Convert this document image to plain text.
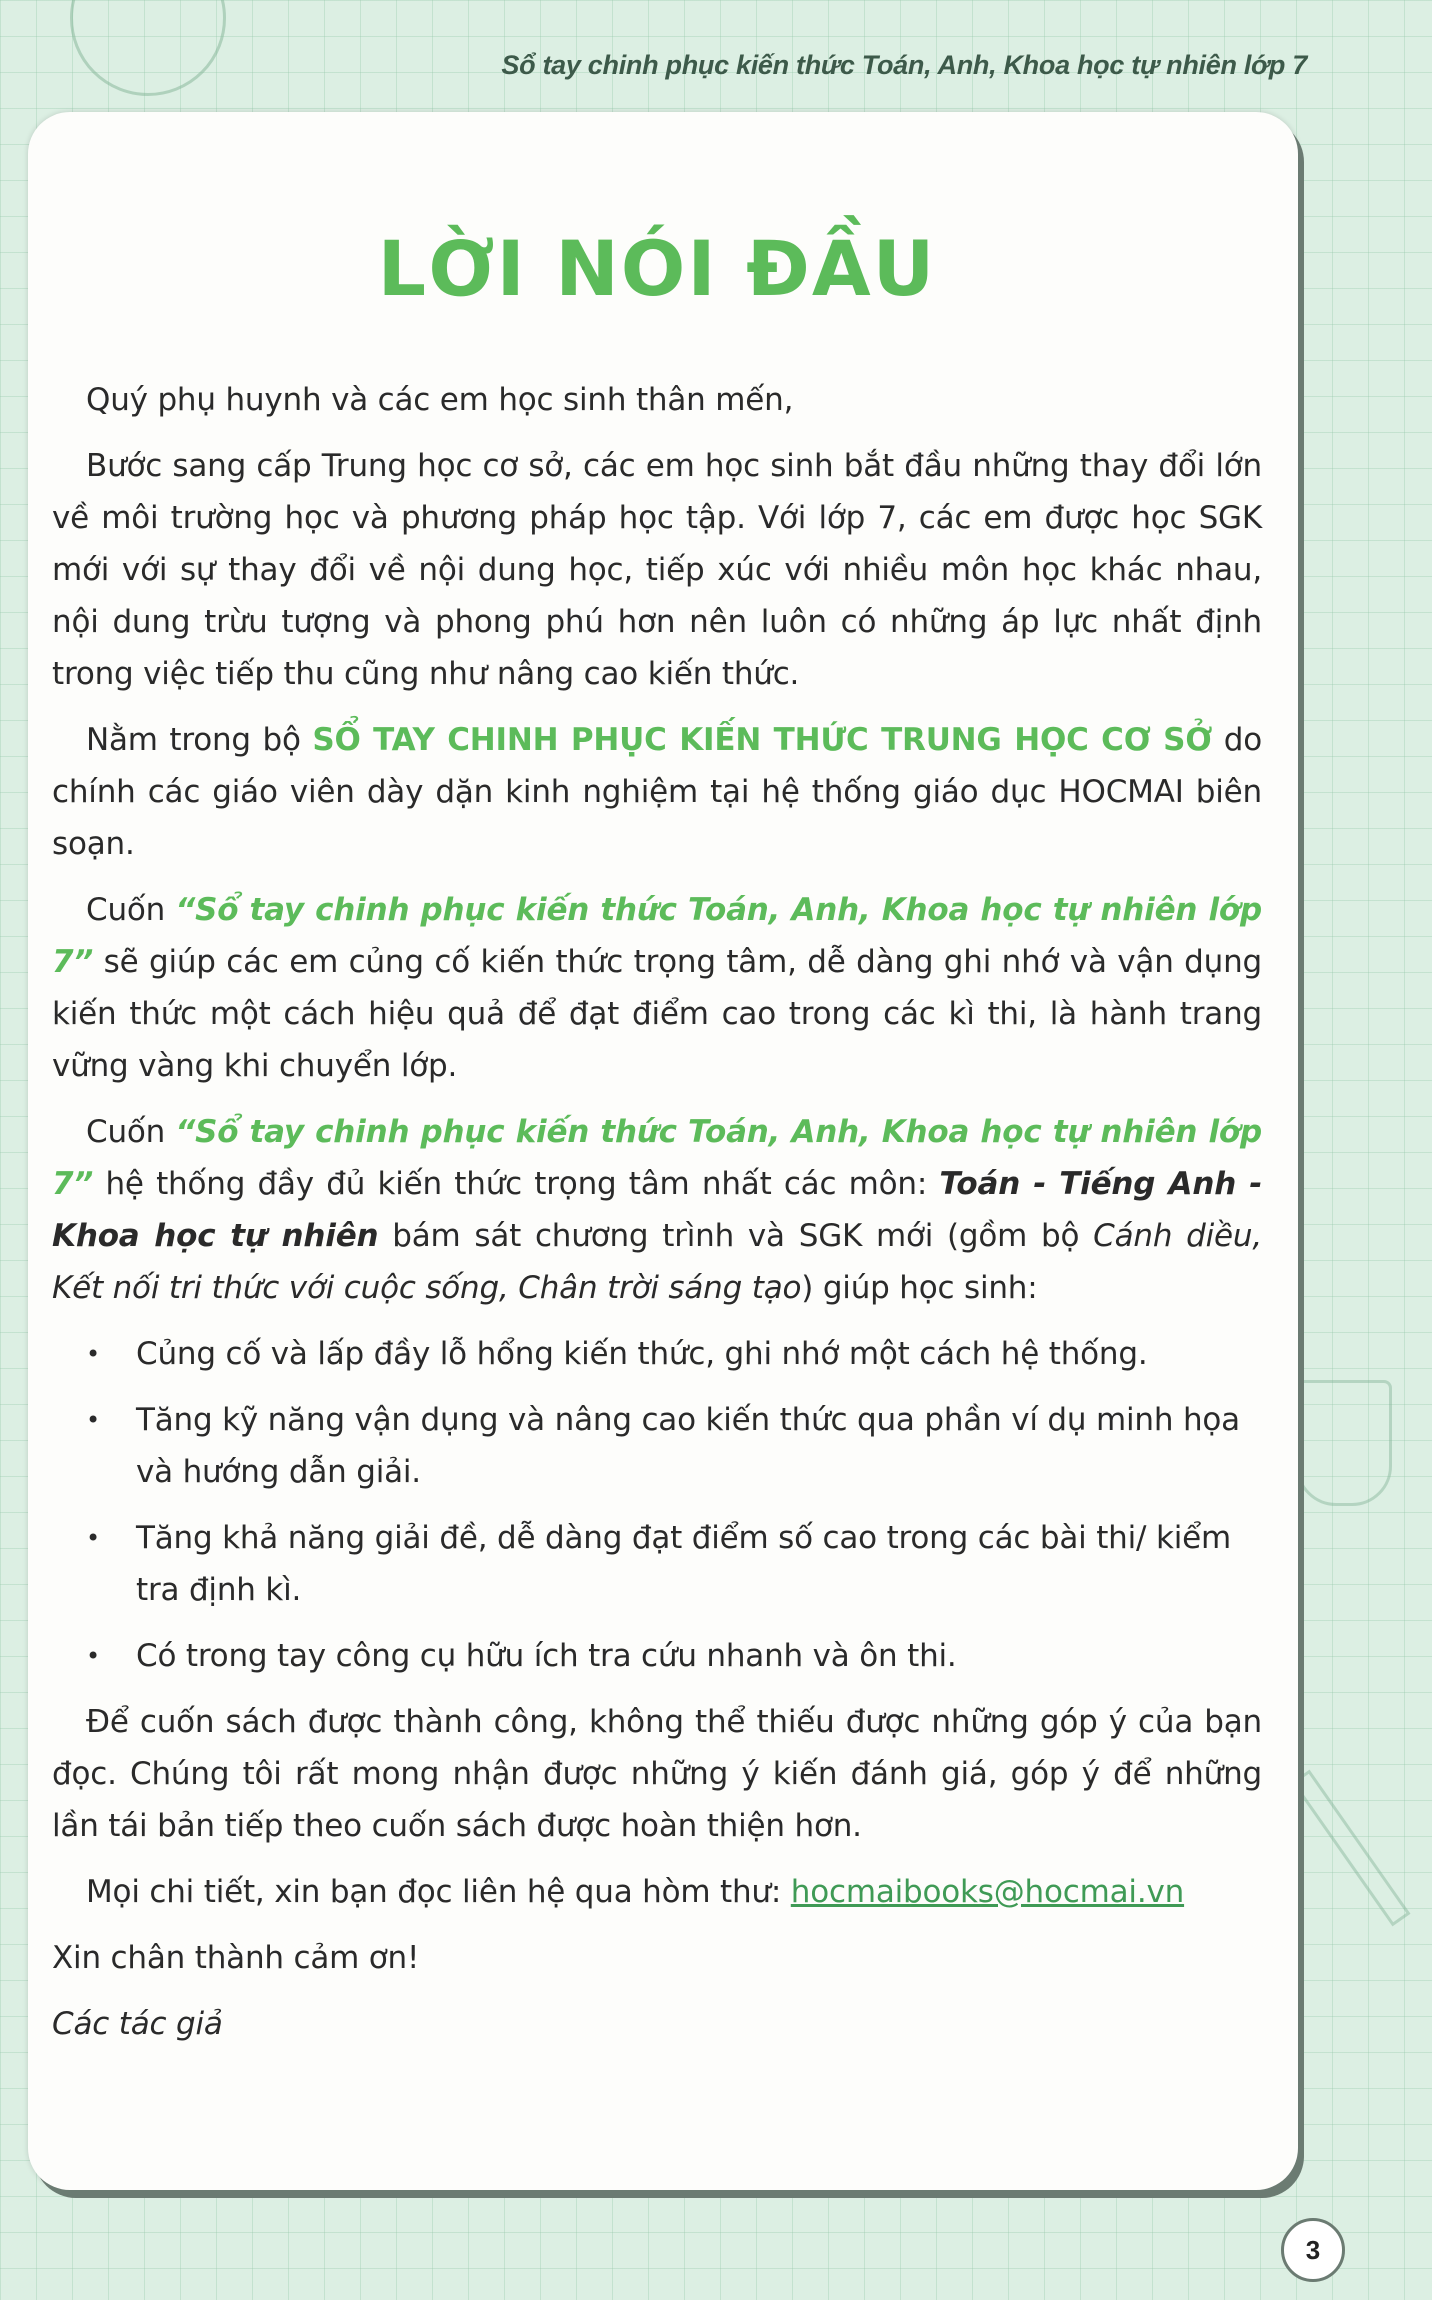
Sổ tay chinh phục kiến thức Toán, Anh, Khoa học tự nhiên lớp 7
LỜI NÓI ĐẦU

Quý phụ huynh và các em học sinh thân mến,

Bước sang cấp Trung học cơ sở, các em học sinh bắt đầu những thay đổi lớn về môi trường học và phương pháp học tập. Với lớp 7, các em được học SGK mới với sự thay đổi về nội dung học, tiếp xúc với nhiều môn học khác nhau, nội dung trừu tượng và phong phú hơn nên luôn có những áp lực nhất định trong việc tiếp thu cũng như nâng cao kiến thức.

Nằm trong bộ SỔ TAY CHINH PHỤC KIẾN THỨC TRUNG HỌC CƠ SỞ do chính các giáo viên dày dặn kinh nghiệm tại hệ thống giáo dục HOCMAI biên soạn.

Cuốn “Sổ tay chinh phục kiến thức Toán, Anh, Khoa học tự nhiên lớp 7” sẽ giúp các em củng cố kiến thức trọng tâm, dễ dàng ghi nhớ và vận dụng kiến thức một cách hiệu quả để đạt điểm cao trong các kì thi, là hành trang vững vàng khi chuyển lớp.

Cuốn “Sổ tay chinh phục kiến thức Toán, Anh, Khoa học tự nhiên lớp 7” hệ thống đầy đủ kiến thức trọng tâm nhất các môn: Toán - Tiếng Anh - Khoa học tự nhiên bám sát chương trình và SGK mới (gồm bộ Cánh diều, Kết nối tri thức với cuộc sống, Chân trời sáng tạo) giúp học sinh:

• Củng cố và lấp đầy lỗ hổng kiến thức, ghi nhớ một cách hệ thống.
• Tăng kỹ năng vận dụng và nâng cao kiến thức qua phần ví dụ minh họa và hướng dẫn giải.
• Tăng khả năng giải đề, dễ dàng đạt điểm số cao trong các bài thi/ kiểm tra định kì.
• Có trong tay công cụ hữu ích tra cứu nhanh và ôn thi.

Để cuốn sách được thành công, không thể thiếu được những góp ý của bạn đọc. Chúng tôi rất mong nhận được những ý kiến đánh giá, góp ý để những lần tái bản tiếp theo cuốn sách được hoàn thiện hơn.

Mọi chi tiết, xin bạn đọc liên hệ qua hòm thư: hocmaibooks@hocmai.vn

Xin chân thành cảm ơn!

Các tác giả

3
